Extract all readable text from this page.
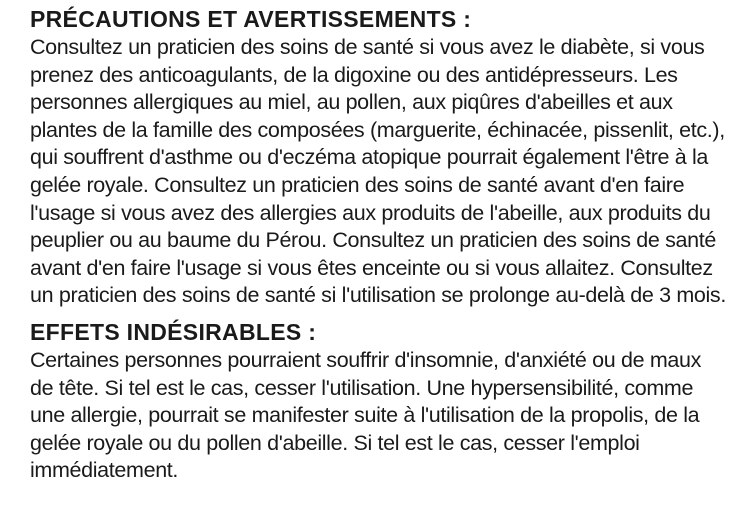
PRÉCAUTIONS ET AVERTISSEMENTS :

Consultez un praticien des soins de santé si vous avez le diabète, si vous

prenez des anticoagulants, de la digoxine ou des antidépresseurs. Les

personnes allergiques au miel, au pollen, aux piqûres d'abeilles et aux

plantes de la famille des composées (marguerite, échinacée, pissenlit, etc.),

qui souffrent d'asthme ou d'eczéma atopique pourrait également l'être à la

gelée royale. Consultez un praticien des soins de santé avant d'en faire

l'usage si vous avez des allergies aux produits de l'abeille, aux produits du

peuplier ou au baume du Pérou. Consultez un praticien des soins de santé

avant d'en faire l'usage si vous êtes enceinte ou si vous allaitez. Consultez

un praticien des soins de santé si l'utilisation se prolonge au-delà de 3 mois.

EFFETS INDÉSIRABLES :

Certaines personnes pourraient souffrir d'insomnie, d'anxiété ou de maux

de tête. Si tel est le cas, cesser l'utilisation. Une hypersensibilité, comme

une allergie, pourrait se manifester suite à l'utilisation de la propolis, de la

gelée royale ou du pollen d'abeille. Si tel est le cas, cesser l'emploi

immédiatement.
